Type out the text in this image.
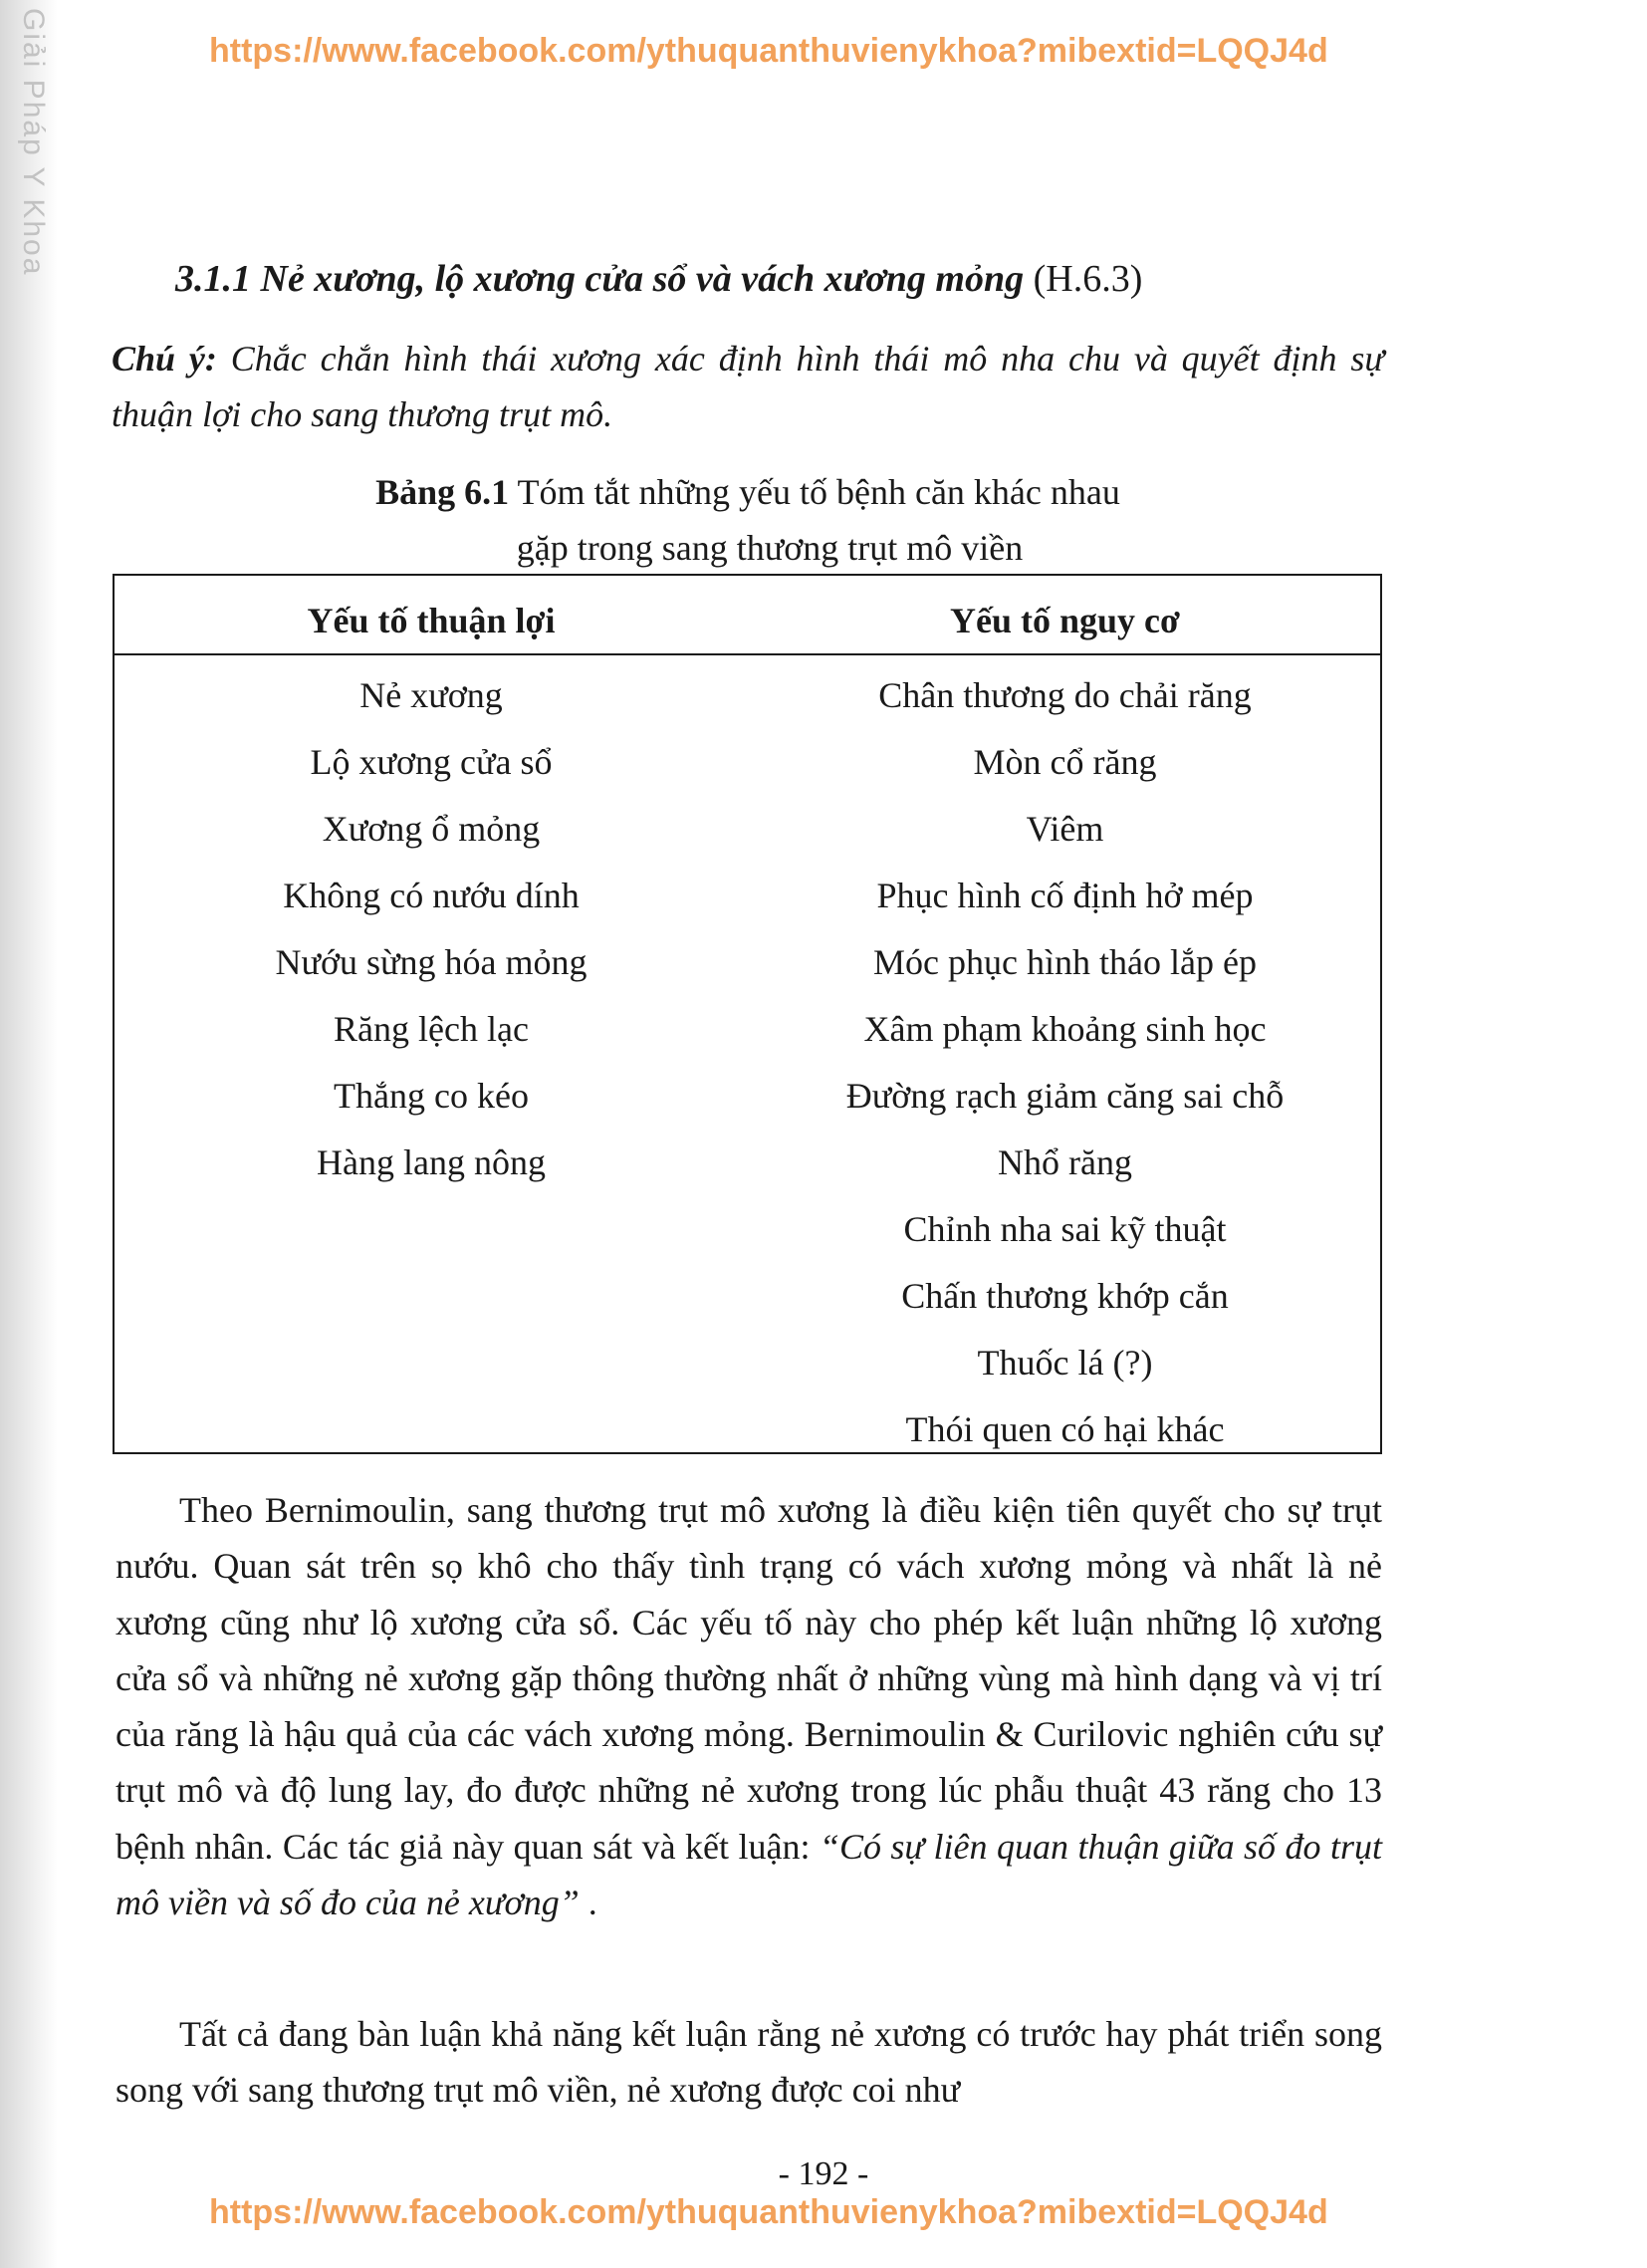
Giải Pháp Y Khoa	https://www.facebook.com/ythuquanthuvienykhoa?mibextid=LQQJ4d
3.1.1 Nẻ xương, lộ xương cửa sổ và vách xương mỏng (H.6.3)
Chú ý: Chắc chắn hình thái xương xác định hình thái mô nha chu và quyết định sự thuận lợi cho sang thương trụt mô.
Bảng 6.1 Tóm tắt những yếu tố bệnh căn khác nhau
gặp trong sang thương trụt mô viền
Yếu tố thuận lợi	Yếu tố nguy cơ
Nẻ xương
Lộ xương cửa sổ
Xương ổ mỏng
Không có nướu dính
Nướu sừng hóa mỏng
Răng lệch lạc
Thắng co kéo
Hàng lang nông
Chân thương do chải răng
Mòn cổ răng
Viêm
Phục hình cố định hở mép
Móc phục hình tháo lắp ép
Xâm phạm khoảng sinh học
Đường rạch giảm căng sai chỗ
Nhổ răng
Chỉnh nha sai kỹ thuật
Chấn thương khớp cắn
Thuốc lá (?)
Thói quen có hại khác
Theo Bernimoulin, sang thương trụt mô xương là điều kiện tiên quyết cho sự trụt nướu. Quan sát trên sọ khô cho thấy tình trạng có vách xương mỏng và nhất là nẻ xương cũng như lộ xương cửa sổ. Các yếu tố này cho phép kết luận những lộ xương cửa sổ và những nẻ xương gặp thông thường nhất ở những vùng mà hình dạng và vị trí của răng là hậu quả của các vách xương mỏng. Bernimoulin & Curilovic nghiên cứu sự trụt mô và độ lung lay, đo được những nẻ xương trong lúc phẫu thuật 43 răng cho 13 bệnh nhân. Các tác giả này quan sát và kết luận: “Có sự liên quan thuận giữa số đo trụt mô viền và số đo của nẻ xương” .
Tất cả đang bàn luận khả năng kết luận rằng nẻ xương có trước hay phát triển song song với sang thương trụt mô viền, nẻ xương được coi như
- 192 -
https://www.facebook.com/ythuquanthuvienykhoa?mibextid=LQQJ4d
